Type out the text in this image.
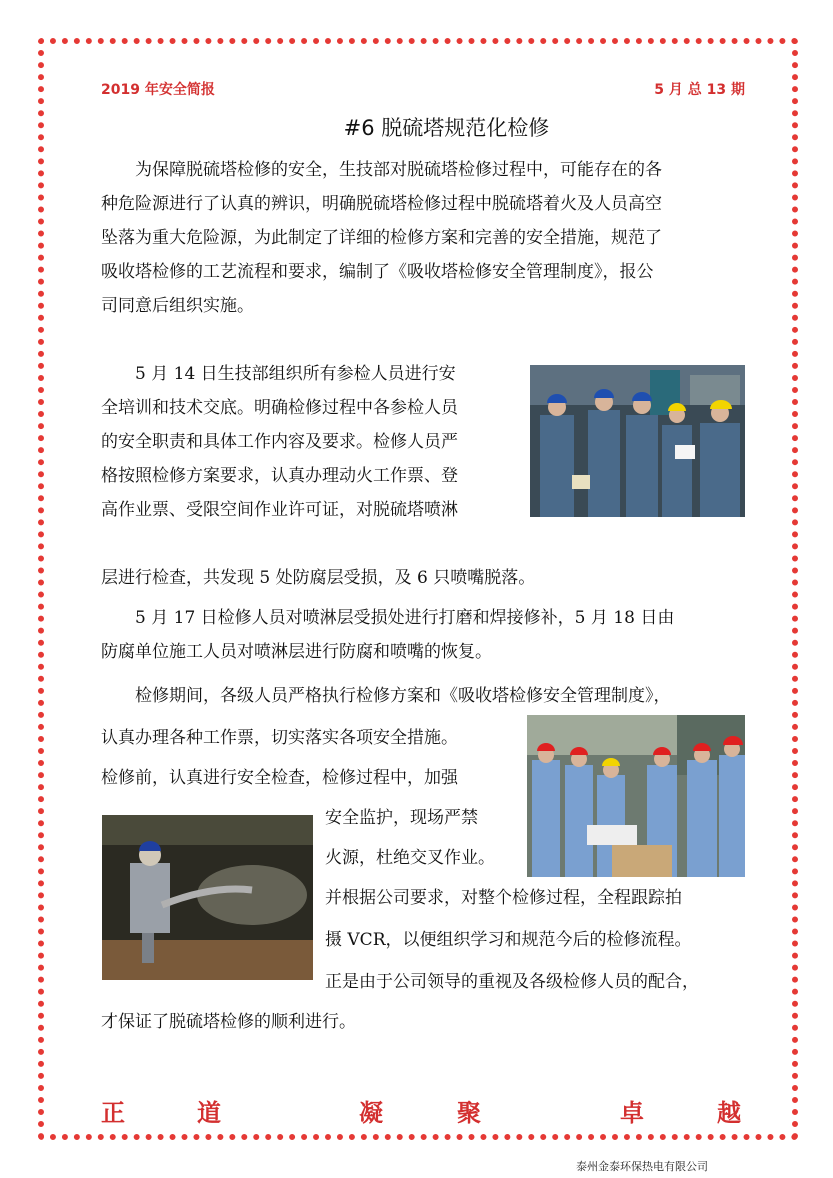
2019 年安全简报	5 月 总 13 期
#6 脱硫塔规范化检修
　　为保障脱硫塔检修的安全，生技部对脱硫塔检修过程中，可能存在的各
种危险源进行了认真的辨识，明确脱硫塔检修过程中脱硫塔着火及人员高空
坠落为重大危险源，为此制定了详细的检修方案和完善的安全措施，规范了
吸收塔检修的工艺流程和要求，编制了《吸收塔检修安全管理制度》，报公
司同意后组织实施。
　　5 月 14 日生技部组织所有参检人员进行安
全培训和技术交底。明确检修过程中各参检人员
的安全职责和具体工作内容及要求。检修人员严
格按照检修方案要求，认真办理动火工作票、登
高作业票、受限空间作业许可证，对脱硫塔喷淋
层进行检查，共发现 5 处防腐层受损，及 6 只喷嘴脱落。
　　5 月 17 日检修人员对喷淋层受损处进行打磨和焊接修补，5 月 18 日由
防腐单位施工人员对喷淋层进行防腐和喷嘴的恢复。
　　检修期间，各级人员严格执行检修方案和《吸收塔检修安全管理制度》，
认真办理各种工作票，切实落实各项安全措施。
检修前，认真进行安全检查，检修过程中，加强
安全监护，现场严禁
火源，杜绝交叉作业。
并根据公司要求，对整个检修过程，全程跟踪拍
摄 VCR，以便组织学习和规范今后的检修流程。
正是由于公司领导的重视及各级检修人员的配合，
才保证了脱硫塔检修的顺利进行。
正	道	凝	聚	卓	越
泰州金泰环保热电有限公司
